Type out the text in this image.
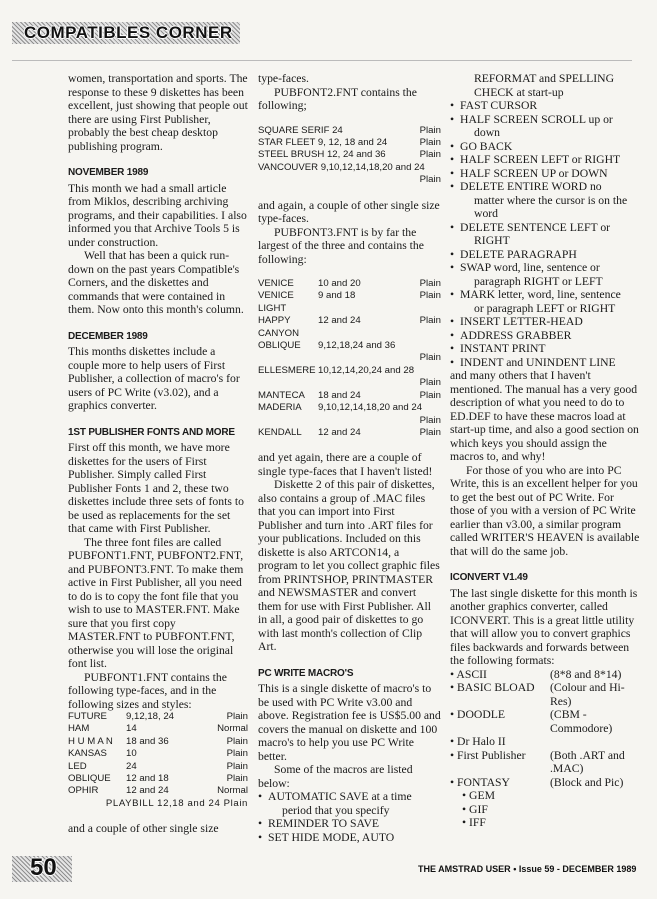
COMPATIBLES CORNER

women, transportation and sports. The response to these 9 diskettes has been excellent, just showing that people out there are using First Publisher, probably the best cheap desktop publishing program.

NOVEMBER 1989

This month we had a small article from Miklos, describing archiving programs, and their capabilities. I also informed you that Archive Tools 5 is under construction.

Well that has been a quick run-down on the past years Compatible's Corners, and the diskettes and commands that were contained in them. Now onto this month's column.

DECEMBER 1989

This months diskettes include a couple more to help users of First Publisher, a collection of macro's for users of PC Write (v3.02), and a graphics converter.

1ST PUBLISHER FONTS AND MORE

First off this month, we have more diskettes for the users of First Publisher. Simply called First Publisher Fonts 1 and 2, these two diskettes include three sets of fonts to be used as replacements for the set that came with First Publisher.

The three font files are called PUBFONT1.FNT, PUBFONT2.FNT, and PUBFONT3.FNT. To make them active in First Publisher, all you need to do is to copy the font file that you wish to use to MASTER.FNT. Make sure that you first copy MASTER.FNT to PUBFONT.FNT, otherwise you will lose the original font list.

PUBFONT1.FNT contains the following type-faces, and in the following sizes and styles:

FUTURE	9,12,18, 24	Plain
HAM	14	Normal
H U M A N	18 and 36	Plain
KANSAS	10	Plain
LED	24	Plain
OBLIQUE	12 and 18	Plain
OPHIR	12 and 24	Normal
PLAYBILL 12,18 and 24 Plain

and a couple of other single size

type-faces.

PUBFONT2.FNT contains the following;

SQUARE SERIF 24	Plain
STAR FLEET 9, 12, 18 and 24	Plain
STEEL BRUSH 12, 24 and 36	Plain
VANCOUVER 9,10,12,14,18,20 and 24
Plain

and again, a couple of other single size type-faces.

PUBFONT3.FNT is by far the largest of the three and contains the following:

VENICE	10 and 20	Plain
VENICE LIGHT
9 and 18	Plain
HAPPY CANYON
12 and 24	Plain
OBLIQUE	9,12,18,24 and 36
Plain
ELLESMERE 10,12,14,20,24 and 28
Plain
MANTECA	18 and 24	Plain
MADERIA	9,10,12,14,18,20 and 24
Plain
KENDALL	12 and 24	Plain

and yet again, there are a couple of single type-faces that I haven't listed!

Diskette 2 of this pair of diskettes, also contains a group of .MAC files that you can import into First Publisher and turn into .ART files for your publications. Included on this diskette is also ARTCON14, a program to let you collect graphic files from PRINTSHOP, PRINTMASTER and NEWSMASTER and convert them for use with First Publisher. All in all, a good pair of diskettes to go with last month's collection of Clip Art.

PC WRITE MACRO'S

This is a single diskette of macro's to be used with PC Write v3.00 and above. Registration fee is US$5.00 and covers the manual on diskette and 100 macro's to help you use PC Write better.

Some of the macros are listed below:

• AUTOMATIC SAVE at a time
period that you specify
• REMINDER TO SAVE
• SET HIDE MODE, AUTO
REFORMAT and SPELLING
CHECK at start-up
• FAST CURSOR
• HALF SCREEN SCROLL up or
down
• GO BACK
• HALF SCREEN LEFT or RIGHT
• HALF SCREEN UP or DOWN
• DELETE ENTIRE WORD no
matter where the cursor is on the word
• DELETE SENTENCE LEFT or
RIGHT
• DELETE PARAGRAPH
• SWAP word, line, sentence or
paragraph RIGHT or LEFT
• MARK letter, word, line, sentence
or paragraph LEFT or RIGHT
• INSERT LETTER-HEAD
• ADDRESS GRABBER
• INSTANT PRINT
• INDENT and UNINDENT LINE

and many others that I haven't mentioned. The manual has a very good description of what you need to do to ED.DEF to have these macros load at start-up time, and also a good section on which keys you should assign the macros to, and why!

For those of you who are into PC Write, this is an excellent helper for you to get the best out of PC Write. For those of you with a version of PC Write earlier than v3.00, a similar program called WRITER'S HEAVEN is available that will do the same job.

ICONVERT V1.49

The last single diskette for this month is another graphics converter, called ICONVERT. This is a great little utility that will allow you to convert graphics files backwards and forwards between the following formats:

• ASCII	(8*8 and 8*14)
• BASIC BLOAD	(Colour and Hi-Res)
• DOODLE	(CBM - Commodore)
• Dr Halo II
• First Publisher	(Both .ART and .MAC)
• FONTASY	(Block and Pic)
• GEM
• GIF
• IFF
50	THE AMSTRAD USER • Issue 59 - DECEMBER 1989
